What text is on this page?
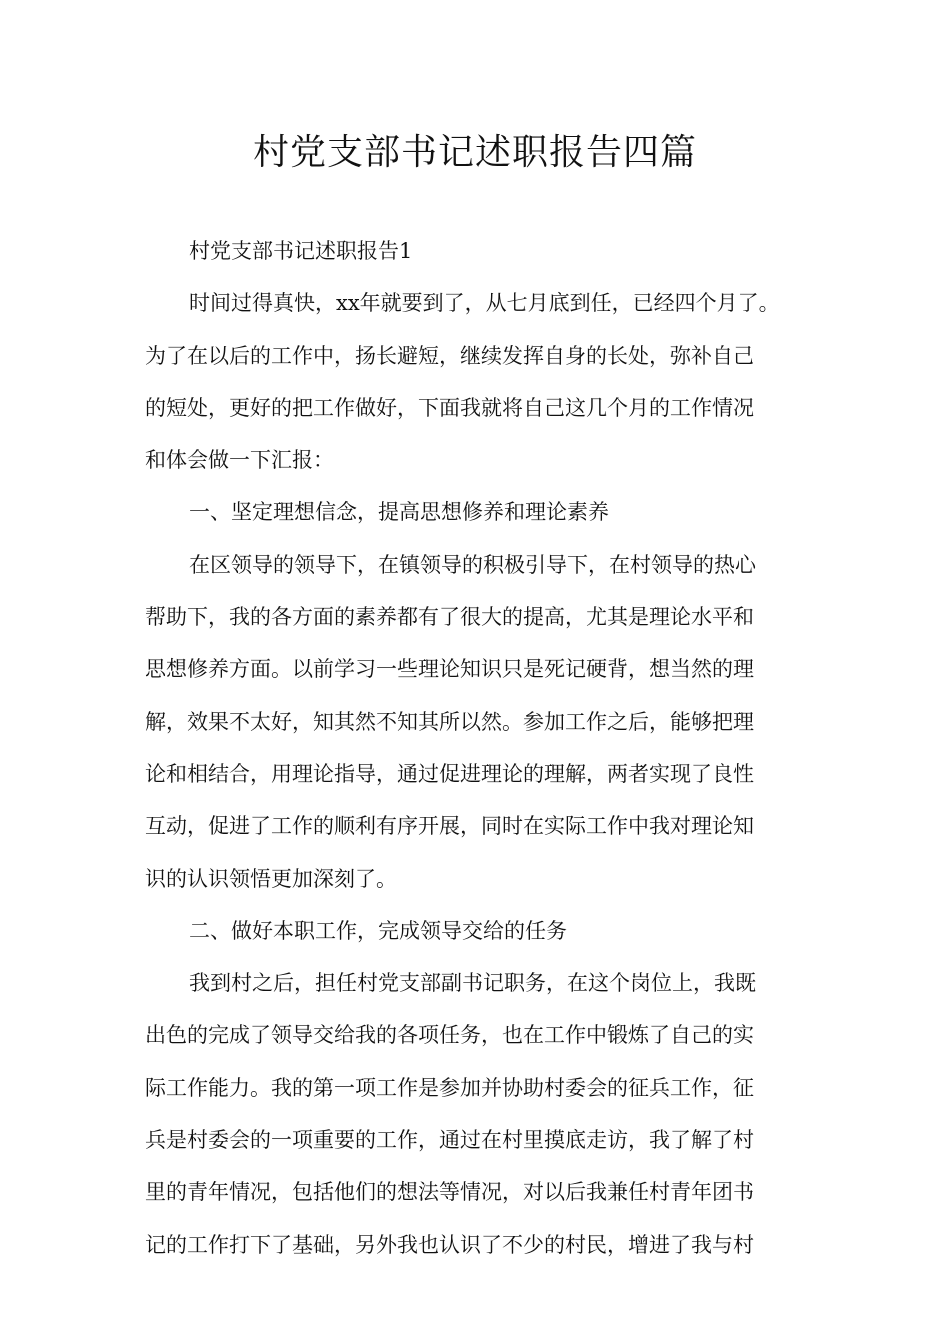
村党支部书记述职报告四篇
村党支部书记述职报告1
时间过得真快，xx年就要到了，从七月底到任，已经四个月了。
为了在以后的工作中，扬长避短，继续发挥自身的长处，弥补自己
的短处，更好的把工作做好，下面我就将自己这几个月的工作情况
和体会做一下汇报：
一、坚定理想信念，提高思想修养和理论素养
在区领导的领导下，在镇领导的积极引导下，在村领导的热心
帮助下，我的各方面的素养都有了很大的提高，尤其是理论水平和
思想修养方面。以前学习一些理论知识只是死记硬背，想当然的理
解，效果不太好，知其然不知其所以然。参加工作之后，能够把理
论和相结合，用理论指导，通过促进理论的理解，两者实现了良性
互动，促进了工作的顺利有序开展，同时在实际工作中我对理论知
识的认识领悟更加深刻了。
二、做好本职工作，完成领导交给的任务
我到村之后，担任村党支部副书记职务，在这个岗位上，我既
出色的完成了领导交给我的各项任务，也在工作中锻炼了自己的实
际工作能力。我的第一项工作是参加并协助村委会的征兵工作，征
兵是村委会的一项重要的工作，通过在村里摸底走访，我了解了村
里的青年情况，包括他们的想法等情况，对以后我兼任村青年团书
记的工作打下了基础，另外我也认识了不少的村民，增进了我与村
